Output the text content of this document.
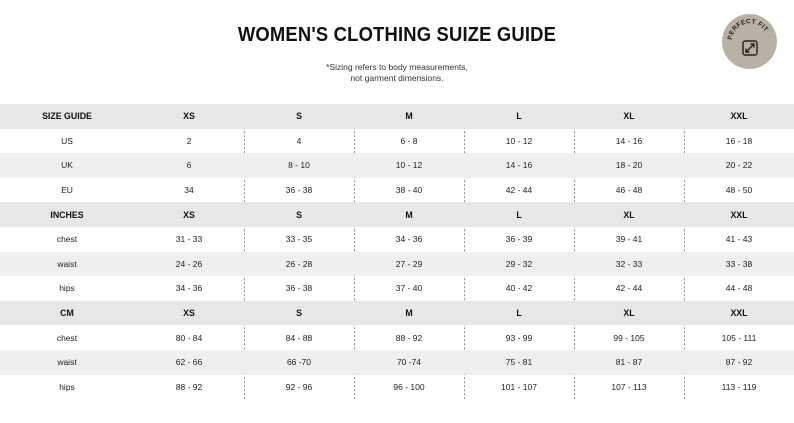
WOMEN'S CLOTHING SUIZE GUIDE
*Sizing refers to body measurements,
not garment dimensions.
PERFECT FIT
SIZE GUIDE	XS	S	M	L	XL	XXL
US	2	4	6 - 8	10 - 12	14 - 16	16 - 18
UK	6	8 - 10	10 - 12	14 - 16	18 - 20	20 - 22
EU	34	36 - 38	38 - 40	42 - 44	46 - 48	48 - 50
INCHES	XS	S	M	L	XL	XXL
chest	31 - 33	33 - 35	34 - 36	36 - 39	39 - 41	41 - 43
waist	24 - 26	26 - 28	27 - 29	29 - 32	32 - 33	33 - 38
hips	34 - 36	36 - 38	37 - 40	40 - 42	42 - 44	44 - 48
CM	XS	S	M	L	XL	XXL
chest	80 - 84	84 - 88	88 - 92	93 - 99	99 - 105	105 - 111
waist	62 - 66	66 -70	70 -74	75 - 81	81 - 87	87 - 92
hips	88 - 92	92 - 96	96 - 100	101 - 107	107 - 113	113 - 119
